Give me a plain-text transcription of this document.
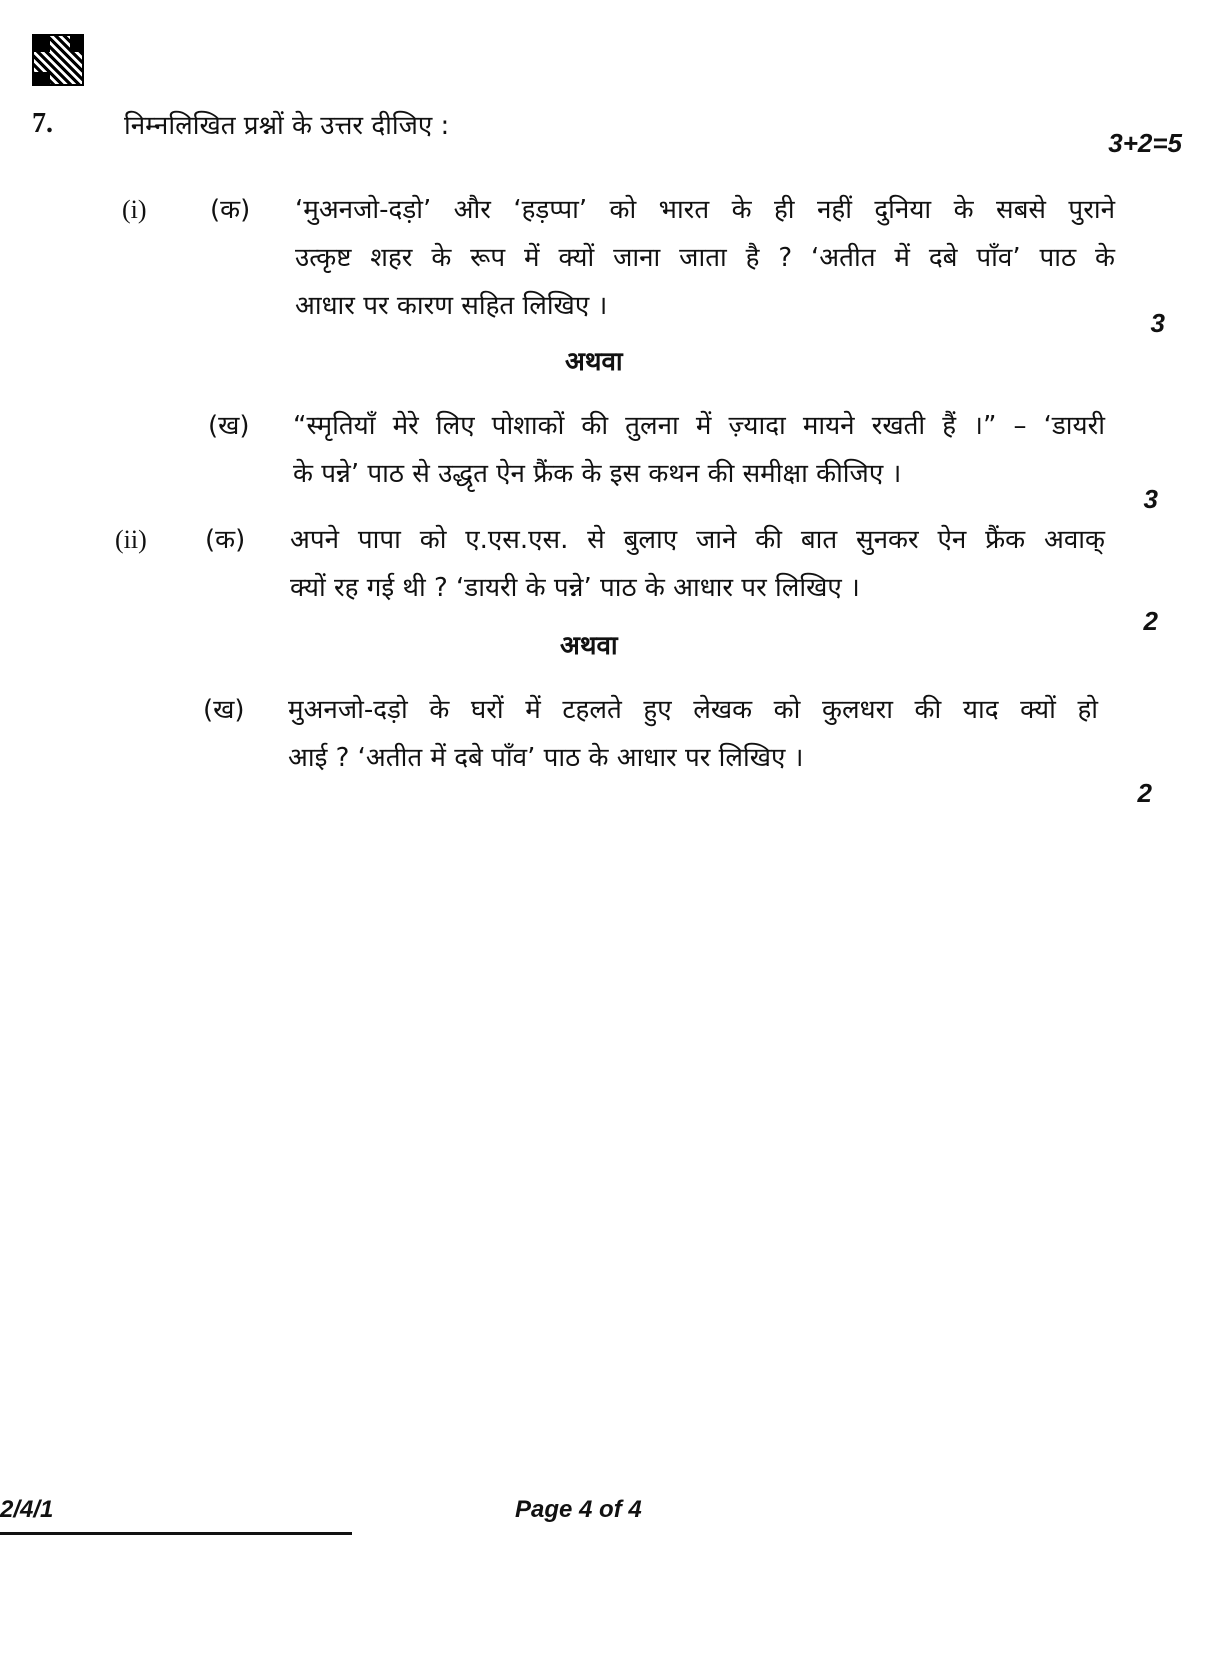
7.	निम्नलिखित प्रश्नों के उत्तर दीजिए :
3+2=5
(i) (क) ‘मुअनजो-दड़ो’ और ‘हड़प्पा’ को भारत के ही नहीं दुनिया के सबसे पुराने
उत्कृष्ट शहर के रूप में क्यों जाना जाता है ? ‘अतीत में दबे पाँव’ पाठ के
आधार पर कारण सहित लिखिए ।
3
अथवा
(ख) “स्मृतियाँ मेरे लिए पोशाकों की तुलना में ज़्यादा मायने रखती हैं ।” – ‘डायरी
के पन्ने’ पाठ से उद्धृत ऐन फ्रैंक के इस कथन की समीक्षा कीजिए ।
3
(ii) (क) अपने पापा को ए.एस.एस. से बुलाए जाने की बात सुनकर ऐन फ्रैंक अवाक्
क्यों रह गई थी ? ‘डायरी के पन्ने’ पाठ के आधार पर लिखिए ।
2
अथवा
(ख) मुअनजो-दड़ो के घरों में टहलते हुए लेखक को कुलधरा की याद क्यों हो
आई ? ‘अतीत में दबे पाँव’ पाठ के आधार पर लिखिए ।
2
2/4/1	Page 4 of 4
